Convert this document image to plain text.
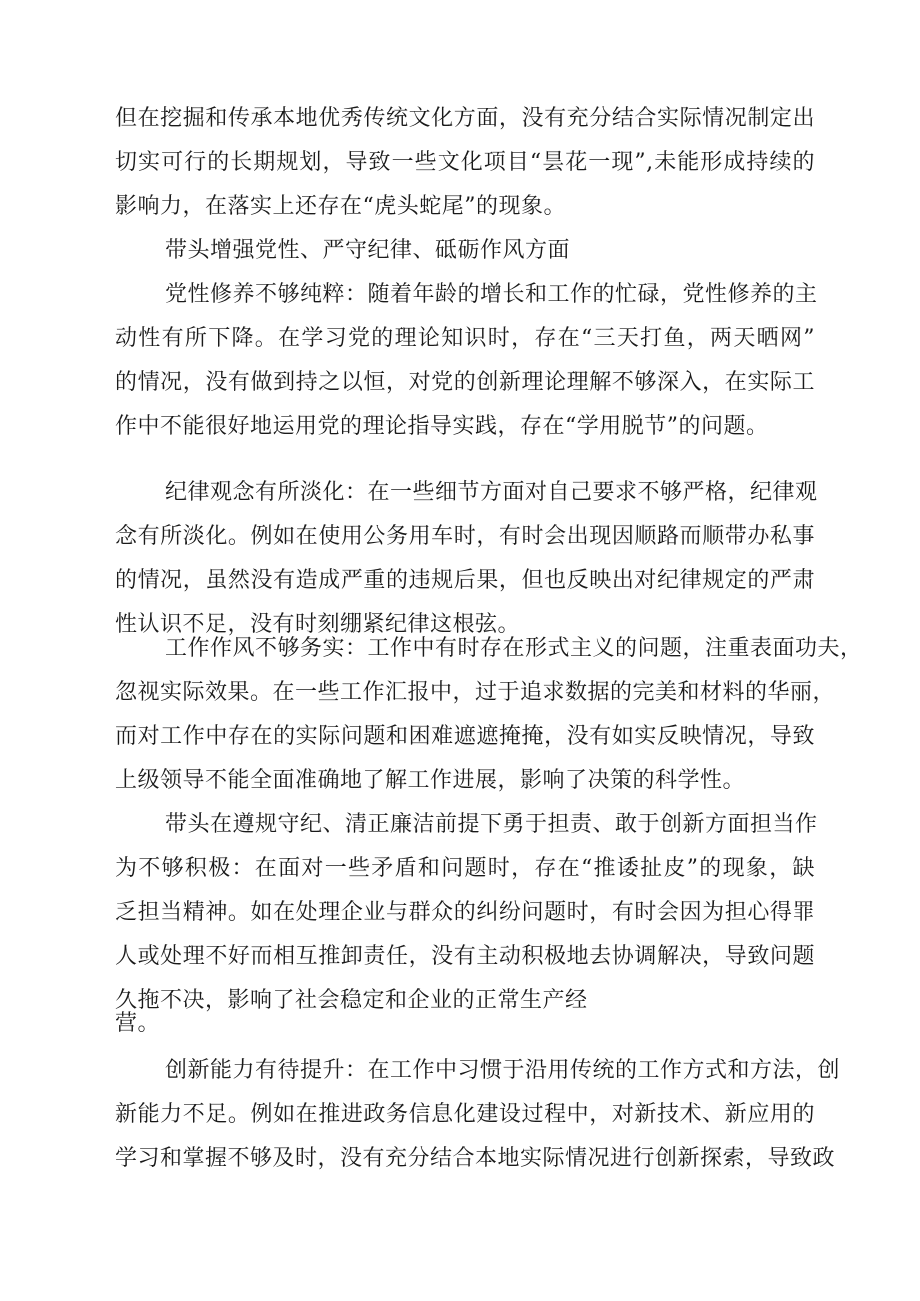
但在挖掘和传承本地优秀传统文化方面，没有充分结合实际情况制定出
切实可行的长期规划，导致一些文化项目“昙花一现”,未能形成持续的
影响力，在落实上还存在“虎头蛇尾”的现象。
带头增强党性、严守纪律、砥砺作风方面
党性修养不够纯粹：随着年龄的增长和工作的忙碌，党性修养的主
动性有所下降。在学习党的理论知识时，存在“三天打鱼，两天晒网”
的情况，没有做到持之以恒，对党的创新理论理解不够深入，在实际工
作中不能很好地运用党的理论指导实践，存在“学用脱节”的问题。
纪律观念有所淡化：在一些细节方面对自己要求不够严格，纪律观
念有所淡化。例如在使用公务用车时，有时会出现因顺路而顺带办私事
的情况，虽然没有造成严重的违规后果，但也反映出对纪律规定的严肃
性认识不足，没有时刻绷紧纪律这根弦。
工作作风不够务实：工作中有时存在形式主义的问题，注重表面功夫，
忽视实际效果。在一些工作汇报中，过于追求数据的完美和材料的华丽，
而对工作中存在的实际问题和困难遮遮掩掩，没有如实反映情况，导致
上级领导不能全面准确地了解工作进展，影响了决策的科学性。
带头在遵规守纪、清正廉洁前提下勇于担责、敢于创新方面担当作
为不够积极：在面对一些矛盾和问题时，存在“推诿扯皮”的现象，缺
乏担当精神。如在处理企业与群众的纠纷问题时，有时会因为担心得罪
人或处理不好而相互推卸责任，没有主动积极地去协调解决，导致问题
久拖不决，影响了社会稳定和企业的正常生产经
营。
创新能力有待提升：在工作中习惯于沿用传统的工作方式和方法，创
新能力不足。例如在推进政务信息化建设过程中，对新技术、新应用的
学习和掌握不够及时，没有充分结合本地实际情况进行创新探索，导致政
